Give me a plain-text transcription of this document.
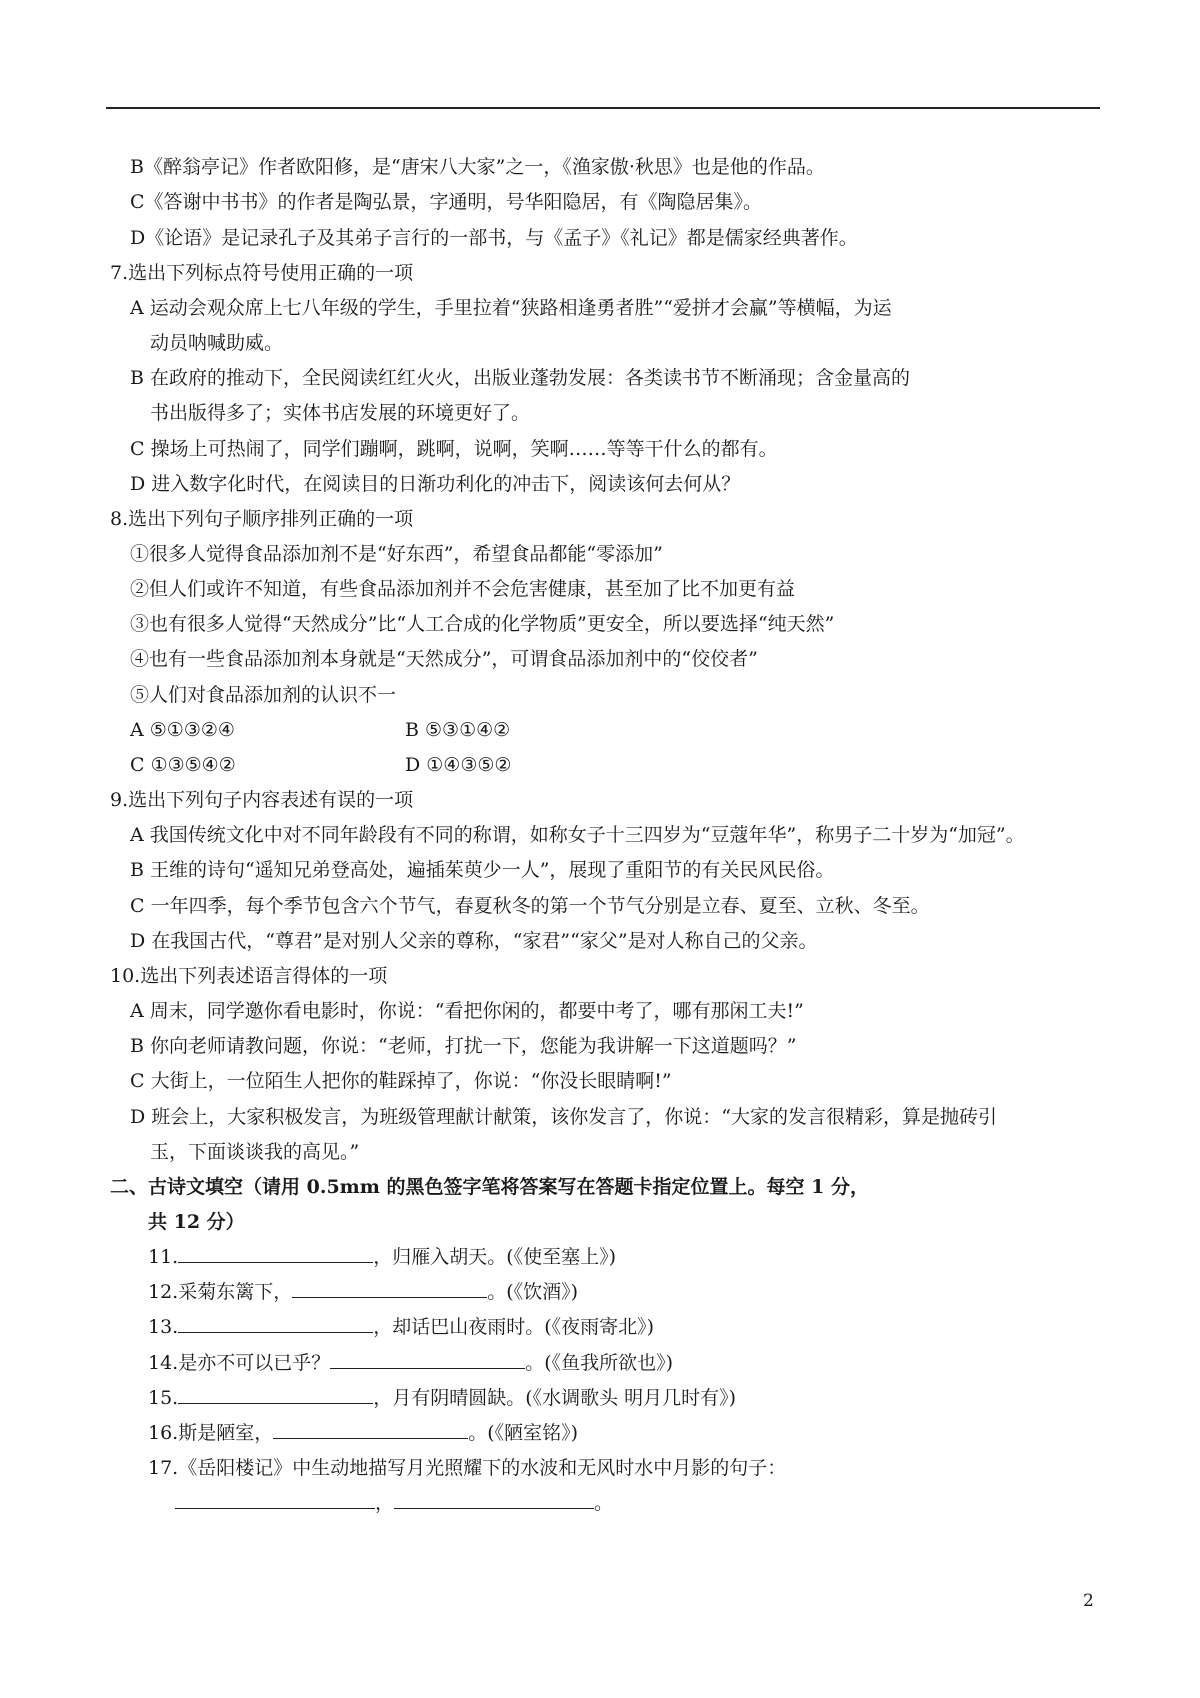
B《醉翁亭记》作者欧阳修，是“唐宋八大家”之一，《渔家傲·秋思》也是他的作品。
C《答谢中书书》的作者是陶弘景，字通明，号华阳隐居，有《陶隐居集》。
D《论语》是记录孔子及其弟子言行的一部书，与《孟子》《礼记》都是儒家经典著作。
7.选出下列标点符号使用正确的一项
A 运动会观众席上七八年级的学生，手里拉着“狭路相逢勇者胜”“爱拼才会赢”等横幅，为运
动员呐喊助威。
B 在政府的推动下，全民阅读红红火火，出版业蓬勃发展：各类读书节不断涌现；含金量高的
书出版得多了；实体书店发展的环境更好了。
C 操场上可热闹了，同学们蹦啊，跳啊，说啊，笑啊……等等干什么的都有。
D 进入数字化时代，在阅读目的日渐功利化的冲击下，阅读该何去何从？
8.选出下列句子顺序排列正确的一项
①很多人觉得食品添加剂不是“好东西”，希望食品都能“零添加”
②但人们或许不知道，有些食品添加剂并不会危害健康，甚至加了比不加更有益
③也有很多人觉得“天然成分”比“人工合成的化学物质”更安全，所以要选择“纯天然”
④也有一些食品添加剂本身就是“天然成分”，可谓食品添加剂中的“佼佼者”
⑤人们对食品添加剂的认识不一
A ⑤①③②④	B ⑤③①④②
C ①③⑤④②	D ①④③⑤②
9.选出下列句子内容表述有误的一项
A 我国传统文化中对不同年龄段有不同的称谓，如称女子十三四岁为“豆蔻年华”，称男子二十岁为“加冠”。
B 王维的诗句“遥知兄弟登高处，遍插茱萸少一人”，展现了重阳节的有关民风民俗。
C 一年四季，每个季节包含六个节气，春夏秋冬的第一个节气分别是立春、夏至、立秋、冬至。
D 在我国古代，“尊君”是对别人父亲的尊称，“家君”“家父”是对人称自己的父亲。
10.选出下列表述语言得体的一项
A 周末，同学邀你看电影时，你说：“看把你闲的，都要中考了，哪有那闲工夫!”
B 你向老师请教问题，你说：“老师，打扰一下，您能为我讲解一下这道题吗？”
C 大街上，一位陌生人把你的鞋踩掉了，你说：“你没长眼睛啊!”
D 班会上，大家积极发言，为班级管理献计献策，该你发言了，你说：“大家的发言很精彩，算是抛砖引
玉，下面谈谈我的高见。”
二、古诗文填空（请用 0.5mm 的黑色签字笔将答案写在答题卡指定位置上。每空 1 分，
共 12 分）
11.	，归雁入胡天。(《使至塞上》)
12.采菊东篱下，	。(《饮酒》)
13.	，却话巴山夜雨时。(《夜雨寄北》)
14.是亦不可以已乎？	。(《鱼我所欲也》)
15.	，月有阴晴圆缺。(《水调歌头 明月几时有》)
16.斯是陋室，	。(《陋室铭》)
17.《岳阳楼记》中生动地描写月光照耀下的水波和无风时水中月影的句子：
，	。
2
